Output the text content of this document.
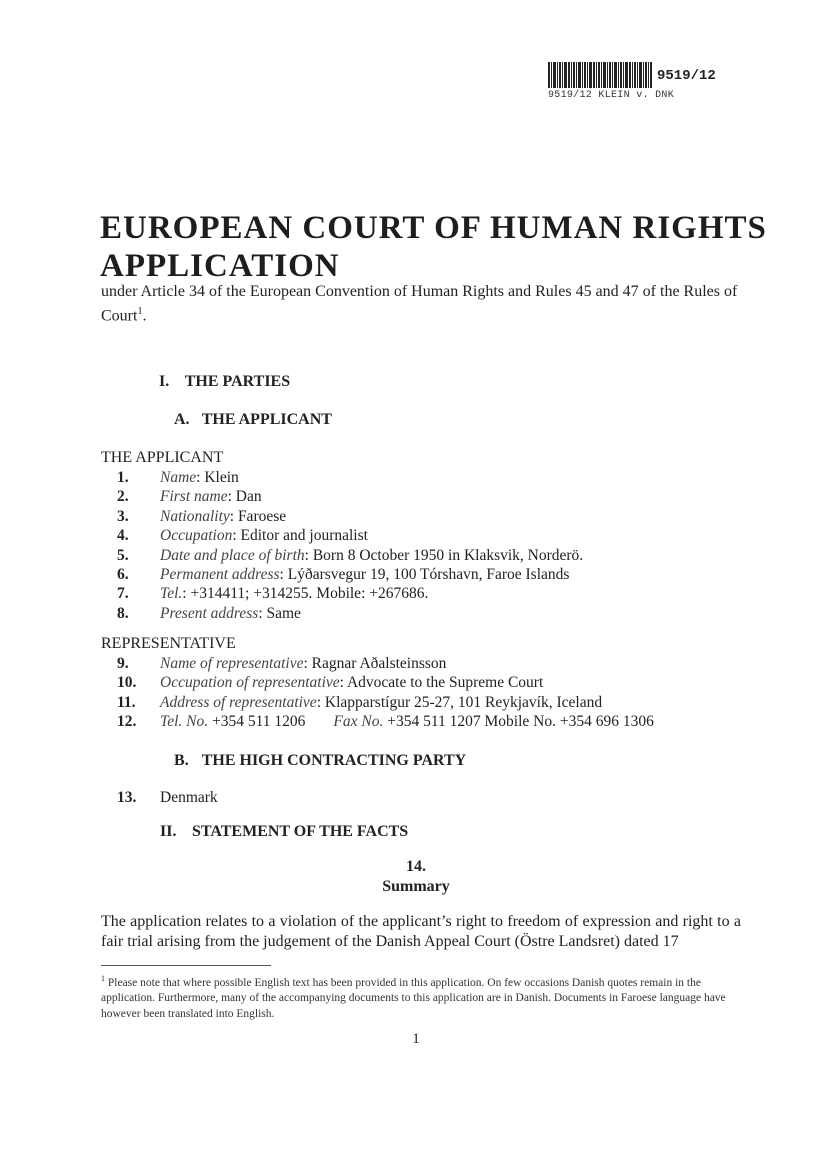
9519/12
9519/12 KLEIN v. DNK
EUROPEAN COURT OF HUMAN RIGHTS
APPLICATION
under Article 34 of the European Convention of Human Rights and Rules 45 and 47 of the Rules of Court$^1$.
I. THE PARTIES
A. THE APPLICANT
THE APPLICANT
1. Name: Klein
2. First name: Dan
3. Nationality: Faroese
4. Occupation: Editor and journalist
5. Date and place of birth: Born 8 October 1950 in Klaksvik, Norderö.
6. Permanent address: Lýðarsvegur 19, 100 Tórshavn, Faroe Islands
7. Tel.: +314411; +314255. Mobile: +267686.
8. Present address: Same
REPRESENTATIVE
9. Name of representative: Ragnar Aðalsteinsson
10. Occupation of representative: Advocate to the Supreme Court
11. Address of representative: Klapparstígur 25-27, 101 Reykjavík, Iceland
12. Tel. No. +354 511 1206 Fax No. +354 511 1207 Mobile No. +354 696 1306
B. THE HIGH CONTRACTING PARTY
13. Denmark
II. STATEMENT OF THE FACTS
14.
Summary
The application relates to a violation of the applicant’s right to freedom of expression and right to a fair trial arising from the judgement of the Danish Appeal Court (Östre Landsret) dated 17
$^1$ Please note that where possible English text has been provided in this application. On few occasions Danish quotes remain in the application. Furthermore, many of the accompanying documents to this application are in Danish. Documents in Faroese language have however been translated into English.
1
